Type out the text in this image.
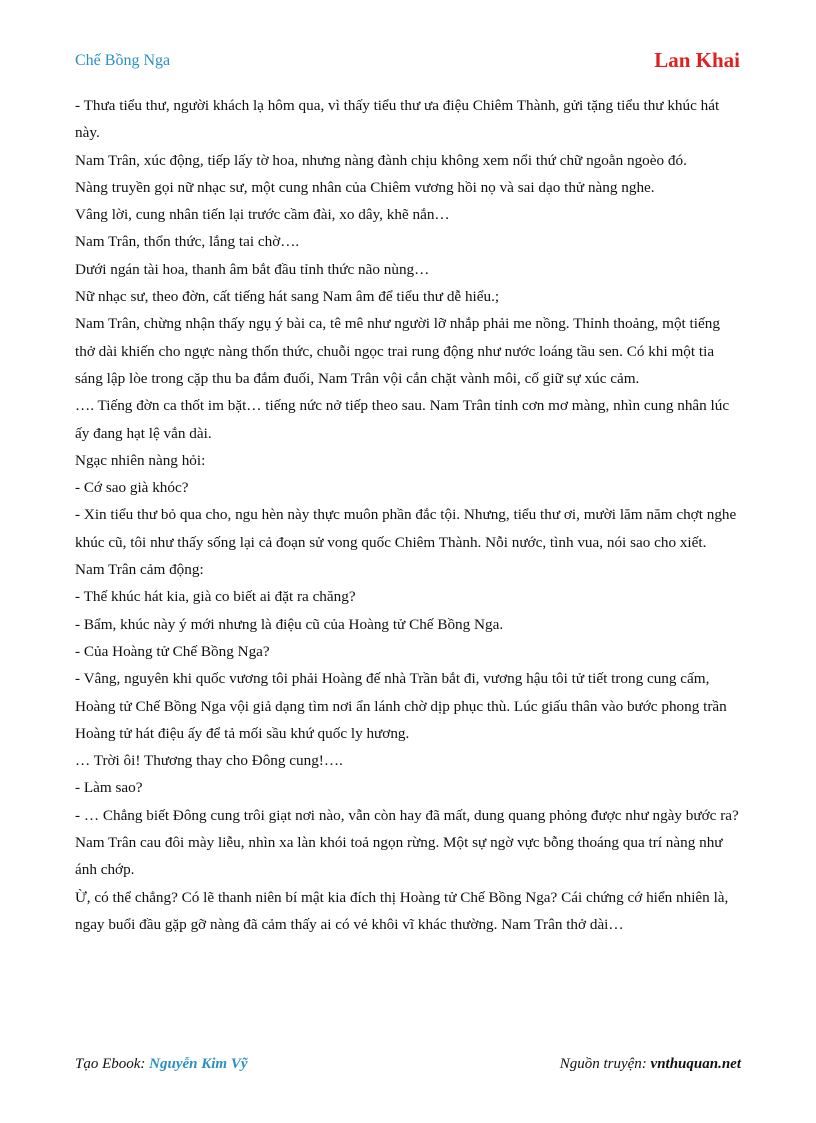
Chế Bồng Nga	Lan Khai

- Thưa tiểu thư, người khách lạ hôm qua, vì thấy tiểu thư ưa điệu Chiêm Thành, gửi tặng tiểu thư khúc hát này.

Nam Trân, xúc động, tiếp lấy tờ hoa, nhưng nàng đành chịu không xem nổi thứ chữ ngoằn ngoèo đó.

Nàng truyền gọi nữ nhạc sư, một cung nhân của Chiêm vương hồi nọ và sai dạo thử nàng nghe.

Vâng lời, cung nhân tiến lại trước cầm đài, xo dây, khẽ nắn…

Nam Trân, thổn thức, lắng tai chờ….

Dưới ngán tài hoa, thanh âm bắt đầu tỉnh thức não nùng…

Nữ nhạc sư, theo đờn, cất tiếng hát sang Nam âm để tiểu thư dễ hiểu.;

Nam Trân, chừng nhận thấy ngụ ý bài ca, tê mê như người lỡ nhắp phải me nồng. Thỉnh thoảng, một tiếng thở dài khiến cho ngực nàng thổn thức, chuỗi ngọc trai rung động như nước loáng tầu sen. Có khi một tia sáng lập lòe trong cặp thu ba đắm đuối, Nam Trân vội cắn chặt vành môi, cố giữ sự xúc cảm.

…. Tiếng đờn ca thốt im bặt… tiếng nức nở tiếp theo sau. Nam Trân tỉnh cơn mơ màng, nhìn cung nhân lúc ấy đang hạt lệ vắn dài.

Ngạc nhiên nàng hỏi:

- Cớ sao già khóc?

- Xin tiểu thư bỏ qua cho, ngu hèn này thực muôn phần đắc tội. Nhưng, tiểu thư ơi, mười lăm năm chợt nghe khúc cũ, tôi như thấy sống lại cả đoạn sử vong quốc Chiêm Thành. Nỗi nước, tình vua, nói sao cho xiết.

Nam Trân cảm động:

- Thế khúc hát kia, già co biết ai đặt ra chăng?

- Bẩm, khúc này ý mới nhưng là điệu cũ của Hoàng tử Chế Bồng Nga.

- Của Hoàng tử Chế Bồng Nga?

- Vâng, nguyên khi quốc vương tôi phải Hoàng đế nhà Trần bắt đi, vương hậu tôi tử tiết trong cung cấm, Hoàng tử Chế Bồng Nga vội giả dạng tìm nơi ẩn lánh chờ dịp phục thù. Lúc giấu thân vào bước phong trần Hoàng tử hát điệu ấy để tả mối sầu khứ quốc ly hương.

… Trời ôi! Thương thay cho Đông cung!….

- Làm sao?

- … Chẳng biết Đông cung trôi giạt nơi nào, vẫn còn hay đã mất, dung quang phỏng được như ngày bước ra?

Nam Trân cau đôi mày liễu, nhìn xa làn khói toả ngọn rừng. Một sự ngờ vực bỗng thoáng qua trí nàng như ánh chớp.

Ừ, có thể chẳng? Có lẽ thanh niên bí mật kia đích thị Hoàng tử Chế Bồng Nga? Cái chứng cớ hiển nhiên là, ngay buổi đầu gặp gỡ nàng đã cảm thấy ai có vẻ khôi vĩ khác thường. Nam Trân thở dài…

Tạo Ebook: Nguyễn Kim Vỹ	Nguồn truyện: vnthuquan.net
